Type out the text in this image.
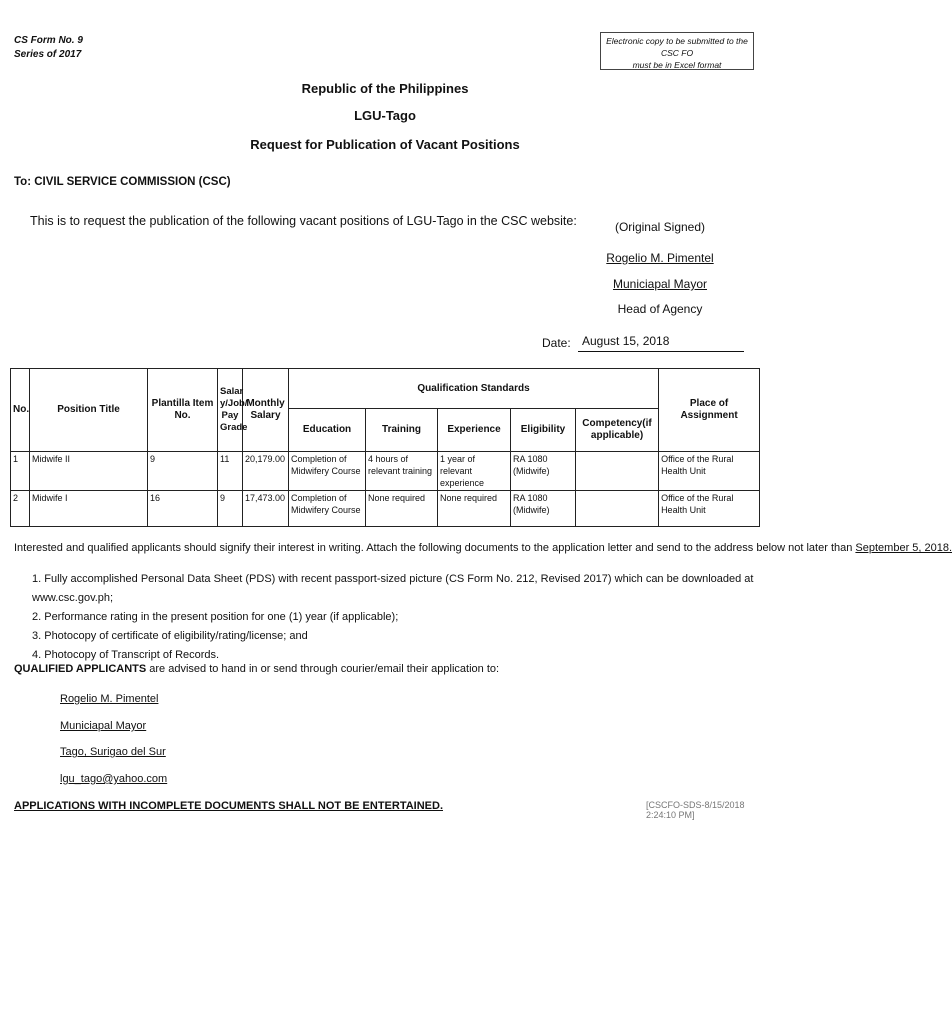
CS Form No. 9
Series of 2017
Electronic copy to be submitted to the CSC FO
must be in Excel format
Republic of the Philippines
LGU-Tago
Request for Publication of Vacant Positions
To: CIVIL SERVICE COMMISSION (CSC)
This is to request the publication of the following vacant positions of LGU-Tago in the CSC website:	(Original Signed)
Rogelio M. Pimentel
Municiapal Mayor
Head of Agency
Date: August 15, 2018
No.	Position Title	Plantilla Item No.	Salar y/Job/ Pay Grade	Monthly Salary	Qualification Standards					Place of Assignment
					Education	Training	Experience	Eligibility	Competency(if applicable)	
1	Midwife II	9	11	20,179.00	Completion of Midwifery Course	4 hours of relevant training	1 year of relevant experience	RA 1080 (Midwife)		Office of the Rural Health Unit
2	Midwife I	16	9	17,473.00	Completion of Midwifery Course	None required	None required	RA 1080 (Midwife)		Office of the Rural Health Unit
Interested and qualified applicants should signify their interest in writing. Attach the following documents to the application letter and send to the address below not later than September 5, 2018.
1. Fully accomplished Personal Data Sheet (PDS) with recent passport-sized picture (CS Form No. 212, Revised 2017) which can be downloaded at www.csc.gov.ph;
2. Performance rating in the present position for one (1) year (if applicable);
3. Photocopy of certificate of eligibility/rating/license; and
4. Photocopy of Transcript of Records.
QUALIFIED APPLICANTS are advised to hand in or send through courier/email their application to:
Rogelio M. Pimentel
Municiapal Mayor
Tago, Surigao del Sur
lgu_tago@yahoo.com
APPLICATIONS WITH INCOMPLETE DOCUMENTS SHALL NOT BE ENTERTAINED.	[CSCFO-SDS-8/15/2018 2:24:10 PM]
